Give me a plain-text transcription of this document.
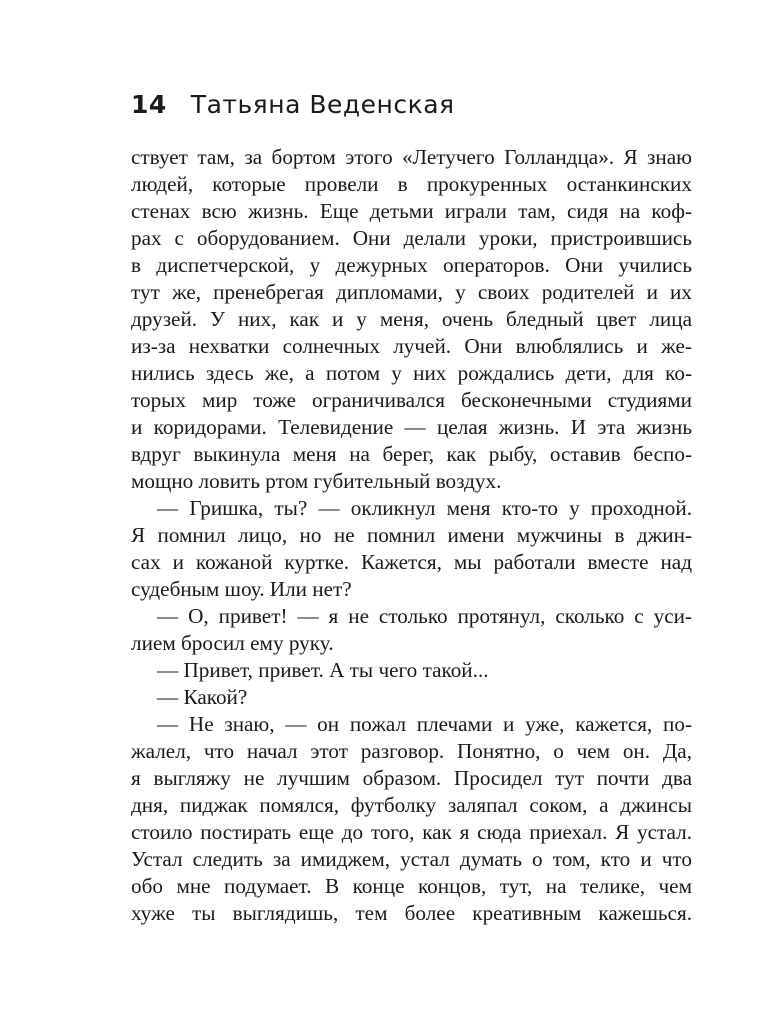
14 Татьяна Веденская
ствует там, за бортом этого «Летучего Голландца». Я знаю
людей, которые провели в прокуренных останкинских
стенах всю жизнь. Еще детьми играли там, сидя на коф-
рах с оборудованием. Они делали уроки, пристроившись
в диспетчерской, у дежурных операторов. Они учились
тут же, пренебрегая дипломами, у своих родителей и их
друзей. У них, как и у меня, очень бледный цвет лица
из-за нехватки солнечных лучей. Они влюблялись и же-
нились здесь же, а потом у них рождались дети, для ко-
торых мир тоже ограничивался бесконечными студиями
и коридорами. Телевидение — целая жизнь. И эта жизнь
вдруг выкинула меня на берег, как рыбу, оставив беспо-
мощно ловить ртом губительный воздух.
— Гришка, ты? — окликнул меня кто-то у проходной.
Я помнил лицо, но не помнил имени мужчины в джин-
сах и кожаной куртке. Кажется, мы работали вместе над
судебным шоу. Или нет?
— О, привет! — я не столько протянул, сколько с уси-
лием бросил ему руку.
— Привет, привет. А ты чего такой...
— Какой?
— Не знаю, — он пожал плечами и уже, кажется, по-
жалел, что начал этот разговор. Понятно, о чем он. Да,
я выгляжу не лучшим образом. Просидел тут почти два
дня, пиджак помялся, футболку заляпал соком, а джинсы
стоило постирать еще до того, как я сюда приехал. Я устал.
Устал следить за имиджем, устал думать о том, кто и что
обо мне подумает. В конце концов, тут, на телике, чем
хуже ты выглядишь, тем более креативным кажешься.
